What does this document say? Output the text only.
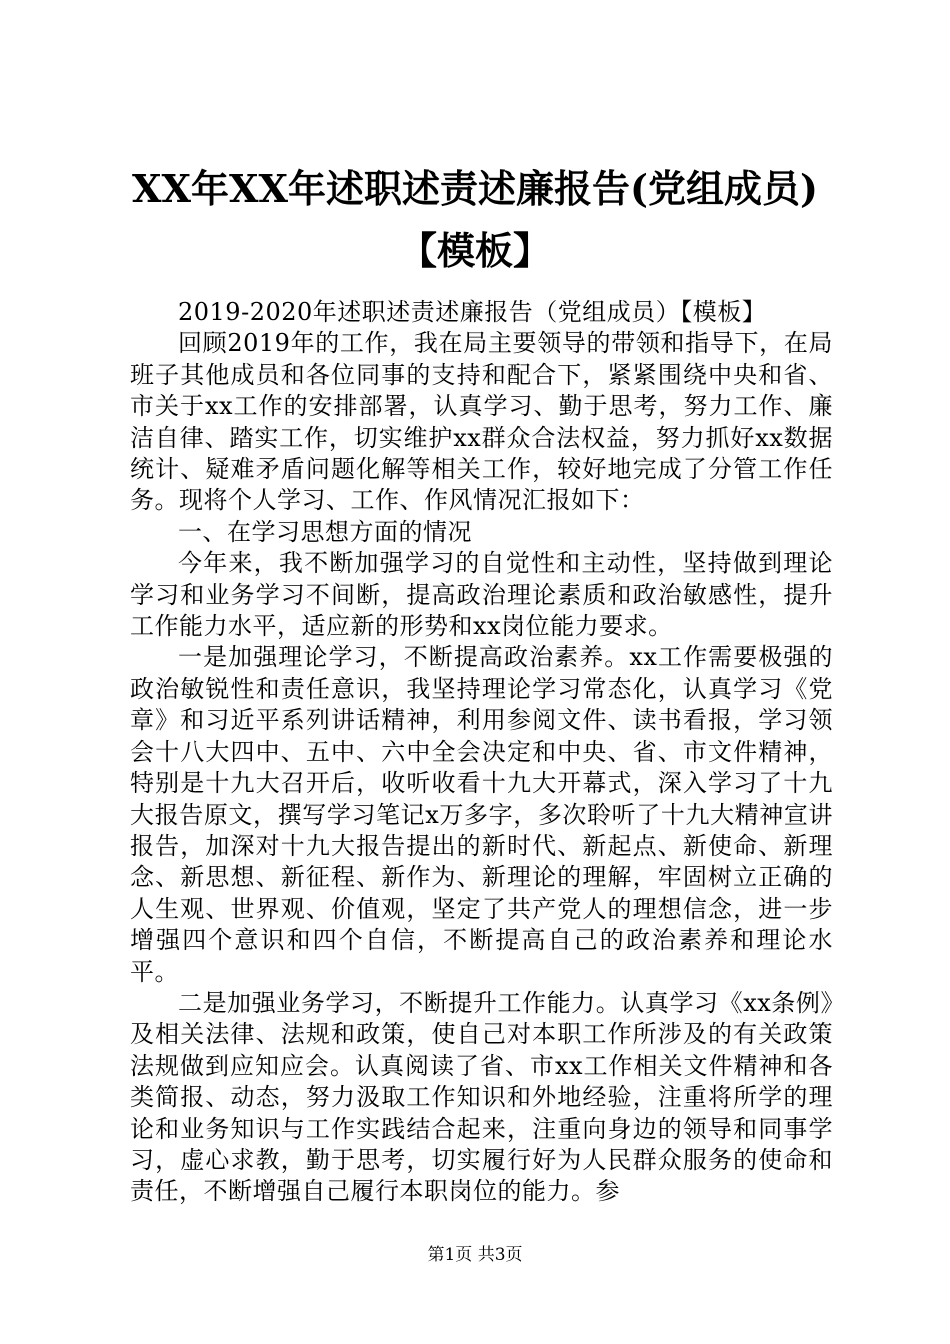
XX年XX年述职述责述廉报告(党组成员)【模板】

2019-2020年述职述责述廉报告（党组成员）【模板】

回顾2019年的工作，我在局主要领导的带领和指导下，在局班子其他成员和各位同事的支持和配合下，紧紧围绕中央和省、市关于xx工作的安排部署，认真学习、勤于思考，努力工作、廉洁自律、踏实工作，切实维护xx群众合法权益，努力抓好xx数据统计、疑难矛盾问题化解等相关工作，较好地完成了分管工作任务。现将个人学习、工作、作风情况汇报如下：

一、在学习思想方面的情况

今年来，我不断加强学习的自觉性和主动性，坚持做到理论学习和业务学习不间断，提高政治理论素质和政治敏感性，提升工作能力水平，适应新的形势和xx岗位能力要求。

一是加强理论学习，不断提高政治素养。xx工作需要极强的政治敏锐性和责任意识，我坚持理论学习常态化，认真学习《党章》和习近平系列讲话精神，利用参阅文件、读书看报，学习领会十八大四中、五中、六中全会决定和中央、省、市文件精神，特别是十九大召开后，收听收看十九大开幕式，深入学习了十九大报告原文，撰写学习笔记x万多字，多次聆听了十九大精神宣讲报告，加深对十九大报告提出的新时代、新起点、新使命、新理念、新思想、新征程、新作为、新理论的理解，牢固树立正确的人生观、世界观、价值观，坚定了共产党人的理想信念，进一步增强四个意识和四个自信，不断提高自己的政治素养和理论水平。

二是加强业务学习，不断提升工作能力。认真学习《xx条例》及相关法律、法规和政策，使自己对本职工作所涉及的有关政策法规做到应知应会。认真阅读了省、市xx工作相关文件精神和各类简报、动态，努力汲取工作知识和外地经验，注重将所学的理论和业务知识与工作实践结合起来，注重向身边的领导和同事学习，虚心求教，勤于思考，切实履行好为人民群众服务的使命和责任，不断增强自己履行本职岗位的能力。参

第1页 共3页
